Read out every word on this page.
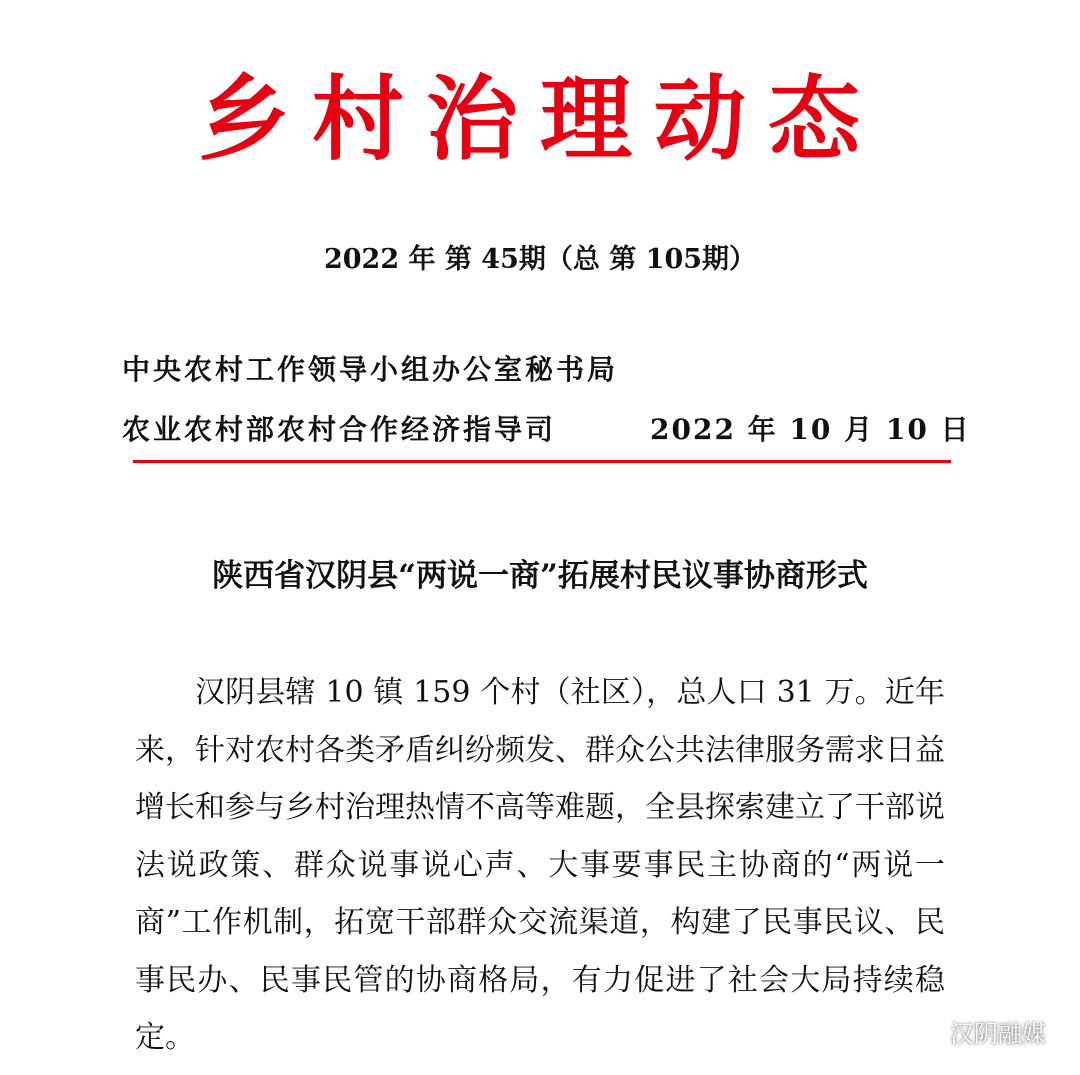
乡村治理动态
2022 年 第 45期（总 第 105期）
中央农村工作领导小组办公室秘书局
农业农村部农村合作经济指导司	2022 年 10 月 10 日
陕西省汉阴县“两说一商”拓展村民议事协商形式

汉阴县辖 10 镇 159 个村（社区），总人口 31 万。近年来，针对农村各类矛盾纠纷频发、群众公共法律服务需求日益增长和参与乡村治理热情不高等难题，全县探索建立了干部说法说政策、群众说事说心声、大事要事民主协商的“两说一商”工作机制，拓宽干部群众交流渠道，构建了民事民议、民事民办、民事民管的协商格局，有力促进了社会大局持续稳定。	汉阴融媒
